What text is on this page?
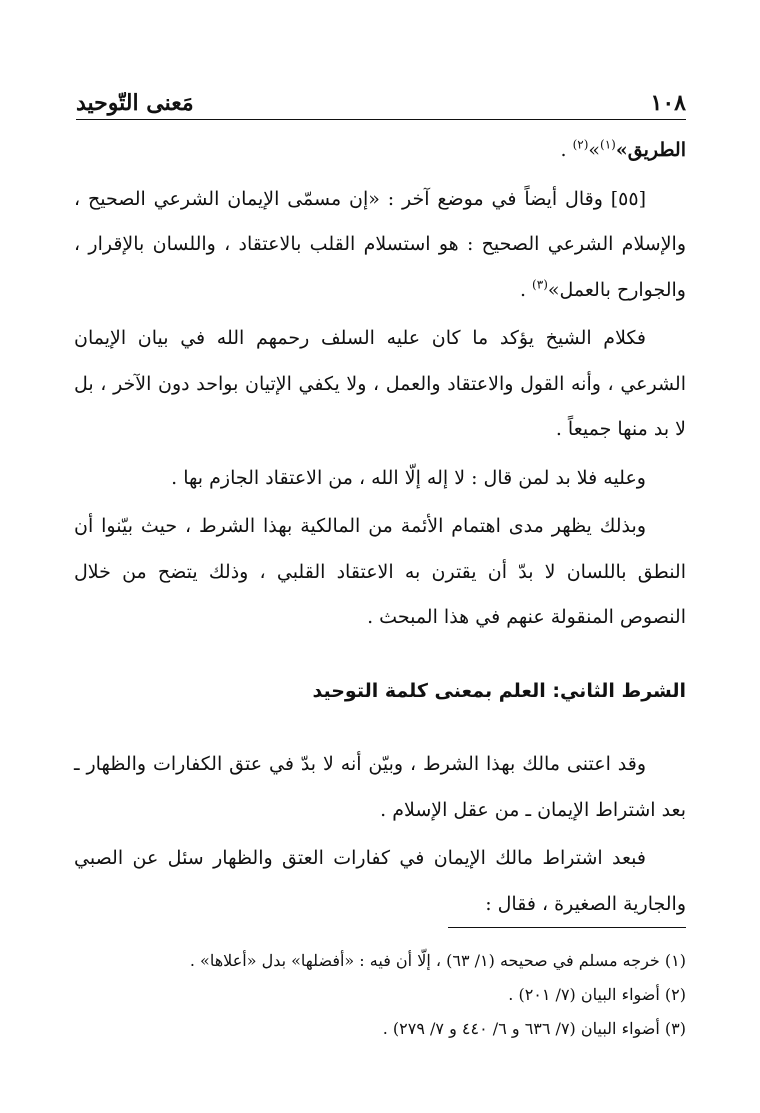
١٠٨
مَعنى التّوحيد

الطريق»$^{(١)}$»$^{(٢)}$ .

[٥٥] وقال أيضاً في موضع آخر : «إن مسمّى الإيمان الشرعي الصحيح ، والإسلام الشرعي الصحيح : هو استسلام القلب بالاعتقاد ، واللسان بالإقرار ، والجوارح بالعمل»$^{(٣)}$ .

فكلام الشيخ يؤكد ما كان عليه السلف رحمهم الله في بيان الإيمان الشرعي ، وأنه القول والاعتقاد والعمل ، ولا يكفي الإتيان بواحد دون الآخر ، بل لا بد منها جميعاً .

وعليه فلا بد لمن قال : لا إله إلّا الله ، من الاعتقاد الجازم بها .

وبذلك يظهر مدى اهتمام الأئمة من المالكية بهذا الشرط ، حيث بيّنوا أن النطق باللسان لا بدّ أن يقترن به الاعتقاد القلبي ، وذلك يتضح من خلال النصوص المنقولة عنهم في هذا المبحث .

الشرط الثاني: العلم بمعنى كلمة التوحيد

وقد اعتنى مالك بهذا الشرط ، وبيّن أنه لا بدّ في عتق الكفارات والظهار ـ بعد اشتراط الإيمان ـ من عقل الإسلام .

فبعد اشتراط مالك الإيمان في كفارات العتق والظهار سئل عن الصبي والجارية الصغيرة ، فقال :

(١) خرجه مسلم في صحيحه (١/ ٦٣) ، إلّا أن فيه : «أفضلها» بدل «أعلاها» .

(٢) أضواء البيان (٧/ ٢٠١) .

(٣) أضواء البيان (٧/ ٦٣٦ و ٦/ ٤٤٠ و ٧/ ٢٧٩) .
